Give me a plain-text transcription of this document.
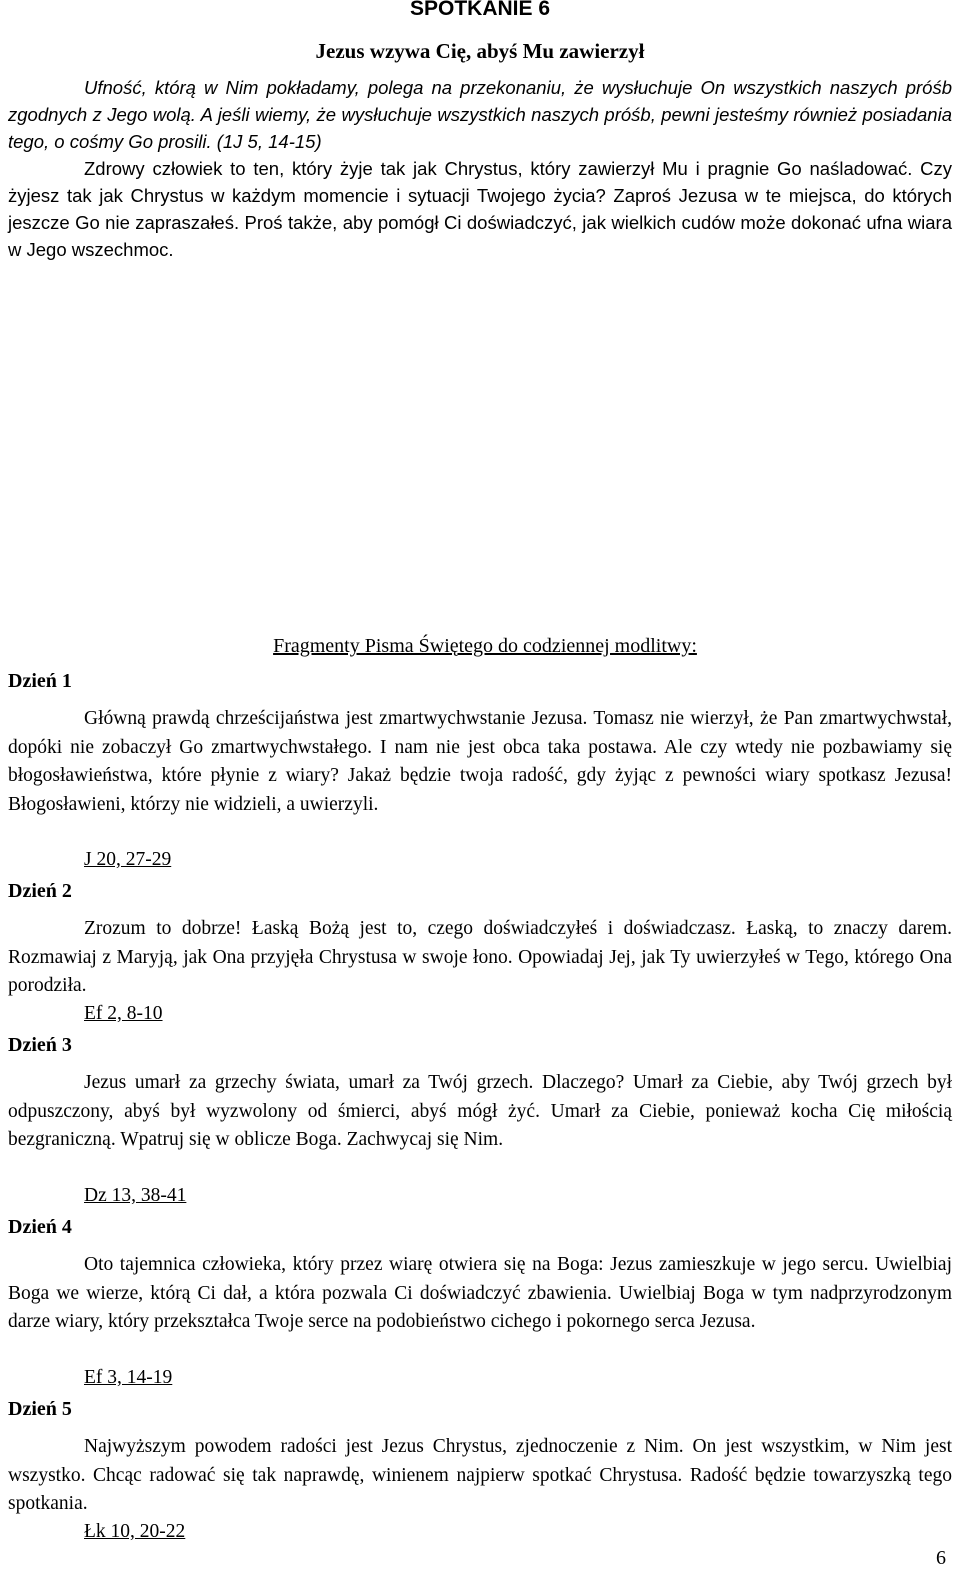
SPOTKANIE 6
Jezus wzywa Cię, abyś Mu zawierzył
Ufność, którą w Nim pokładamy, polega na przekonaniu, że wysłuchuje On wszystkich naszych próśb zgodnych z Jego wolą. A jeśli wiemy, że wysłuchuje wszystkich naszych próśb, pewni jesteśmy również posiadania tego, o cośmy Go prosili. (1J 5, 14-15)
Zdrowy człowiek to ten, który żyje tak jak Chrystus, który zawierzył Mu i pragnie Go naśladować. Czy żyjesz tak jak Chrystus w każdym momencie i sytuacji Twojego życia? Zaproś Jezusa w te miejsca, do których jeszcze Go nie zapraszałeś. Proś także, aby pomógł Ci doświadczyć, jak wielkich cudów może dokonać ufna wiara w Jego wszechmoc.
Fragmenty Pisma Świętego do codziennej modlitwy:
Dzień 1
Główną prawdą chrześcijaństwa jest zmartwychwstanie Jezusa. Tomasz nie wierzył, że Pan zmartwychwstał, dopóki nie zobaczył Go zmartwychwstałego. I nam nie jest obca taka postawa. Ale czy wtedy nie pozbawiamy się błogosławieństwa, które płynie z wiary? Jakaż będzie twoja radość, gdy żyjąc z pewności wiary spotkasz Jezusa! Błogosławieni, którzy nie widzieli, a uwierzyli.
J 20, 27-29
Dzień 2
Zrozum to dobrze! Łaską Bożą jest to, czego doświadczyłeś i doświadczasz. Łaską, to znaczy darem. Rozmawiaj z Maryją, jak Ona przyjęła Chrystusa w swoje łono. Opowiadaj Jej, jak Ty uwierzyłeś w Tego, którego Ona porodziła.
Ef 2, 8-10
Dzień 3
Jezus umarł za grzechy świata, umarł za Twój grzech. Dlaczego? Umarł za Ciebie, aby Twój grzech był odpuszczony, abyś był wyzwolony od śmierci, abyś mógł żyć. Umarł za Ciebie, ponieważ kocha Cię miłością bezgraniczną. Wpatruj się w oblicze Boga. Zachwycaj się Nim.
Dz 13, 38-41
Dzień 4
Oto tajemnica człowieka, który przez wiarę otwiera się na Boga: Jezus zamieszkuje w jego sercu. Uwielbiaj Boga we wierze, którą Ci dał, a która pozwala Ci doświadczyć zbawienia. Uwielbiaj Boga w tym nadprzyrodzonym darze wiary, który przekształca Twoje serce na podobieństwo cichego i pokornego serca Jezusa.
Ef 3, 14-19
Dzień 5
Najwyższym powodem radości jest Jezus Chrystus, zjednoczenie z Nim. On jest wszystkim, w Nim jest wszystko. Chcąc radować się tak naprawdę, winienem najpierw spotkać Chrystusa. Radość będzie towarzyszką tego spotkania.
Łk 10, 20-22
6
